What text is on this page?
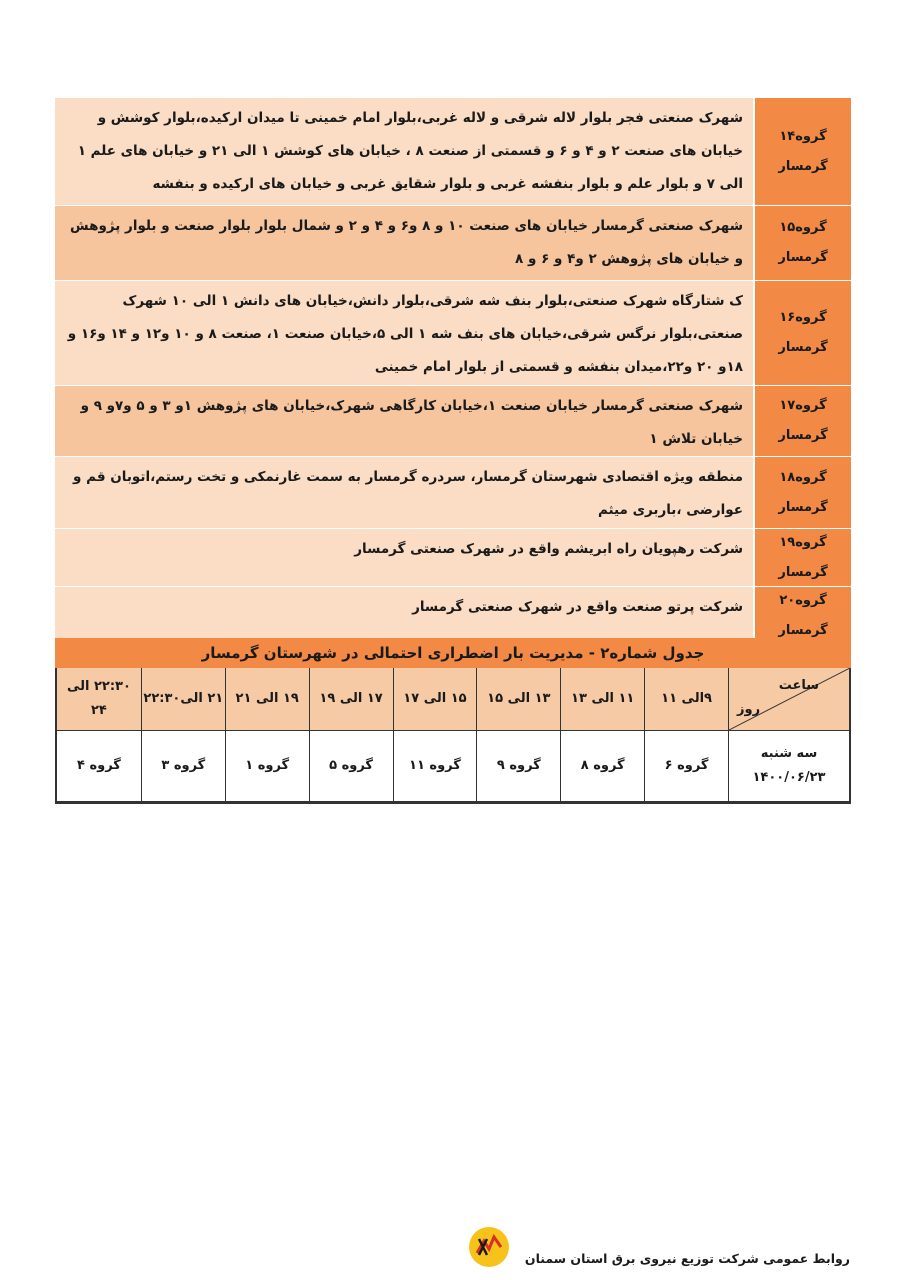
گروه۱۴
گرمسار
شهرک صنعتی فجر بلوار لاله شرقی و لاله غربی،بلوار امام خمینی تا میدان ارکیده،بلوار کوشش و خیابان های صنعت ۲ و ۴ و ۶ و قسمتی از صنعت ۸ ، خیابان های کوشش ۱ الی ۲۱ و خیابان های علم ۱ الی ۷ و بلوار علم و بلوار بنفشه غربی و بلوار شقایق غربی و خیابان های ارکیده و بنفشه
گروه۱۵
گرمسار
شهرک صنعتی گرمسار خیابان های صنعت ۱۰ و ۸ و۶ و ۴ و ۲ و شمال بلوار بلوار صنعت و بلوار پژوهش و خیابان های پژوهش ۲ و۴ و ۶ و ۸
گروه۱۶
گرمسار
ک شتارگاه شهرک صنعتی،بلوار بنف شه شرقی،بلوار دانش،خیابان های دانش ۱ الی ۱۰ شهرک صنعتی،بلوار نرگس شرقی،خیابان های بنف شه ۱ الی ۵،خیابان صنعت ۱، صنعت ۸ و ۱۰ و۱۲ و ۱۴ و۱۶ و ۱۸و ۲۰ و۲۲،میدان بنفشه و قسمتی از بلوار امام خمینی
گروه۱۷
گرمسار
شهرک صنعتی گرمسار خیابان صنعت ۱،خیابان کارگاهی شهرک،خیابان های پژوهش ۱و ۳ و ۵ و۷و ۹ و خیابان تلاش ۱
گروه۱۸
گرمسار
منطقه ویژه اقتصادی شهرستان گرمسار، سردره گرمسار به سمت غارنمکی و تخت رستم،اتوبان قم و عوارضی ،باربری میثم
گروه۱۹
گرمسار
شرکت رهپویان راه ابریشم واقع در شهرک صنعتی گرمسار
گروه۲۰
گرمسار
شرکت پرتو صنعت واقع در شهرک صنعتی گرمسار
جدول شماره۲ - مدیریت بار اضطراری احتمالی در شهرستان گرمسار
ساعت
روز
۹الی ۱۱
۱۱ الی ۱۳
۱۳ الی ۱۵
۱۵ الی ۱۷
۱۷ الی ۱۹
۱۹ الی ۲۱
۲۱ الی۲۲:۳۰
۲۲:۳۰ الی ۲۴
سه شنبه ۱۴۰۰/۰۶/۲۳
گروه ۶
گروه ۸
گروه ۹
گروه ۱۱
گروه ۵
گروه ۱
گروه ۳
گروه ۴
روابط عمومی شرکت توزیع نیروی برق استان سمنان
